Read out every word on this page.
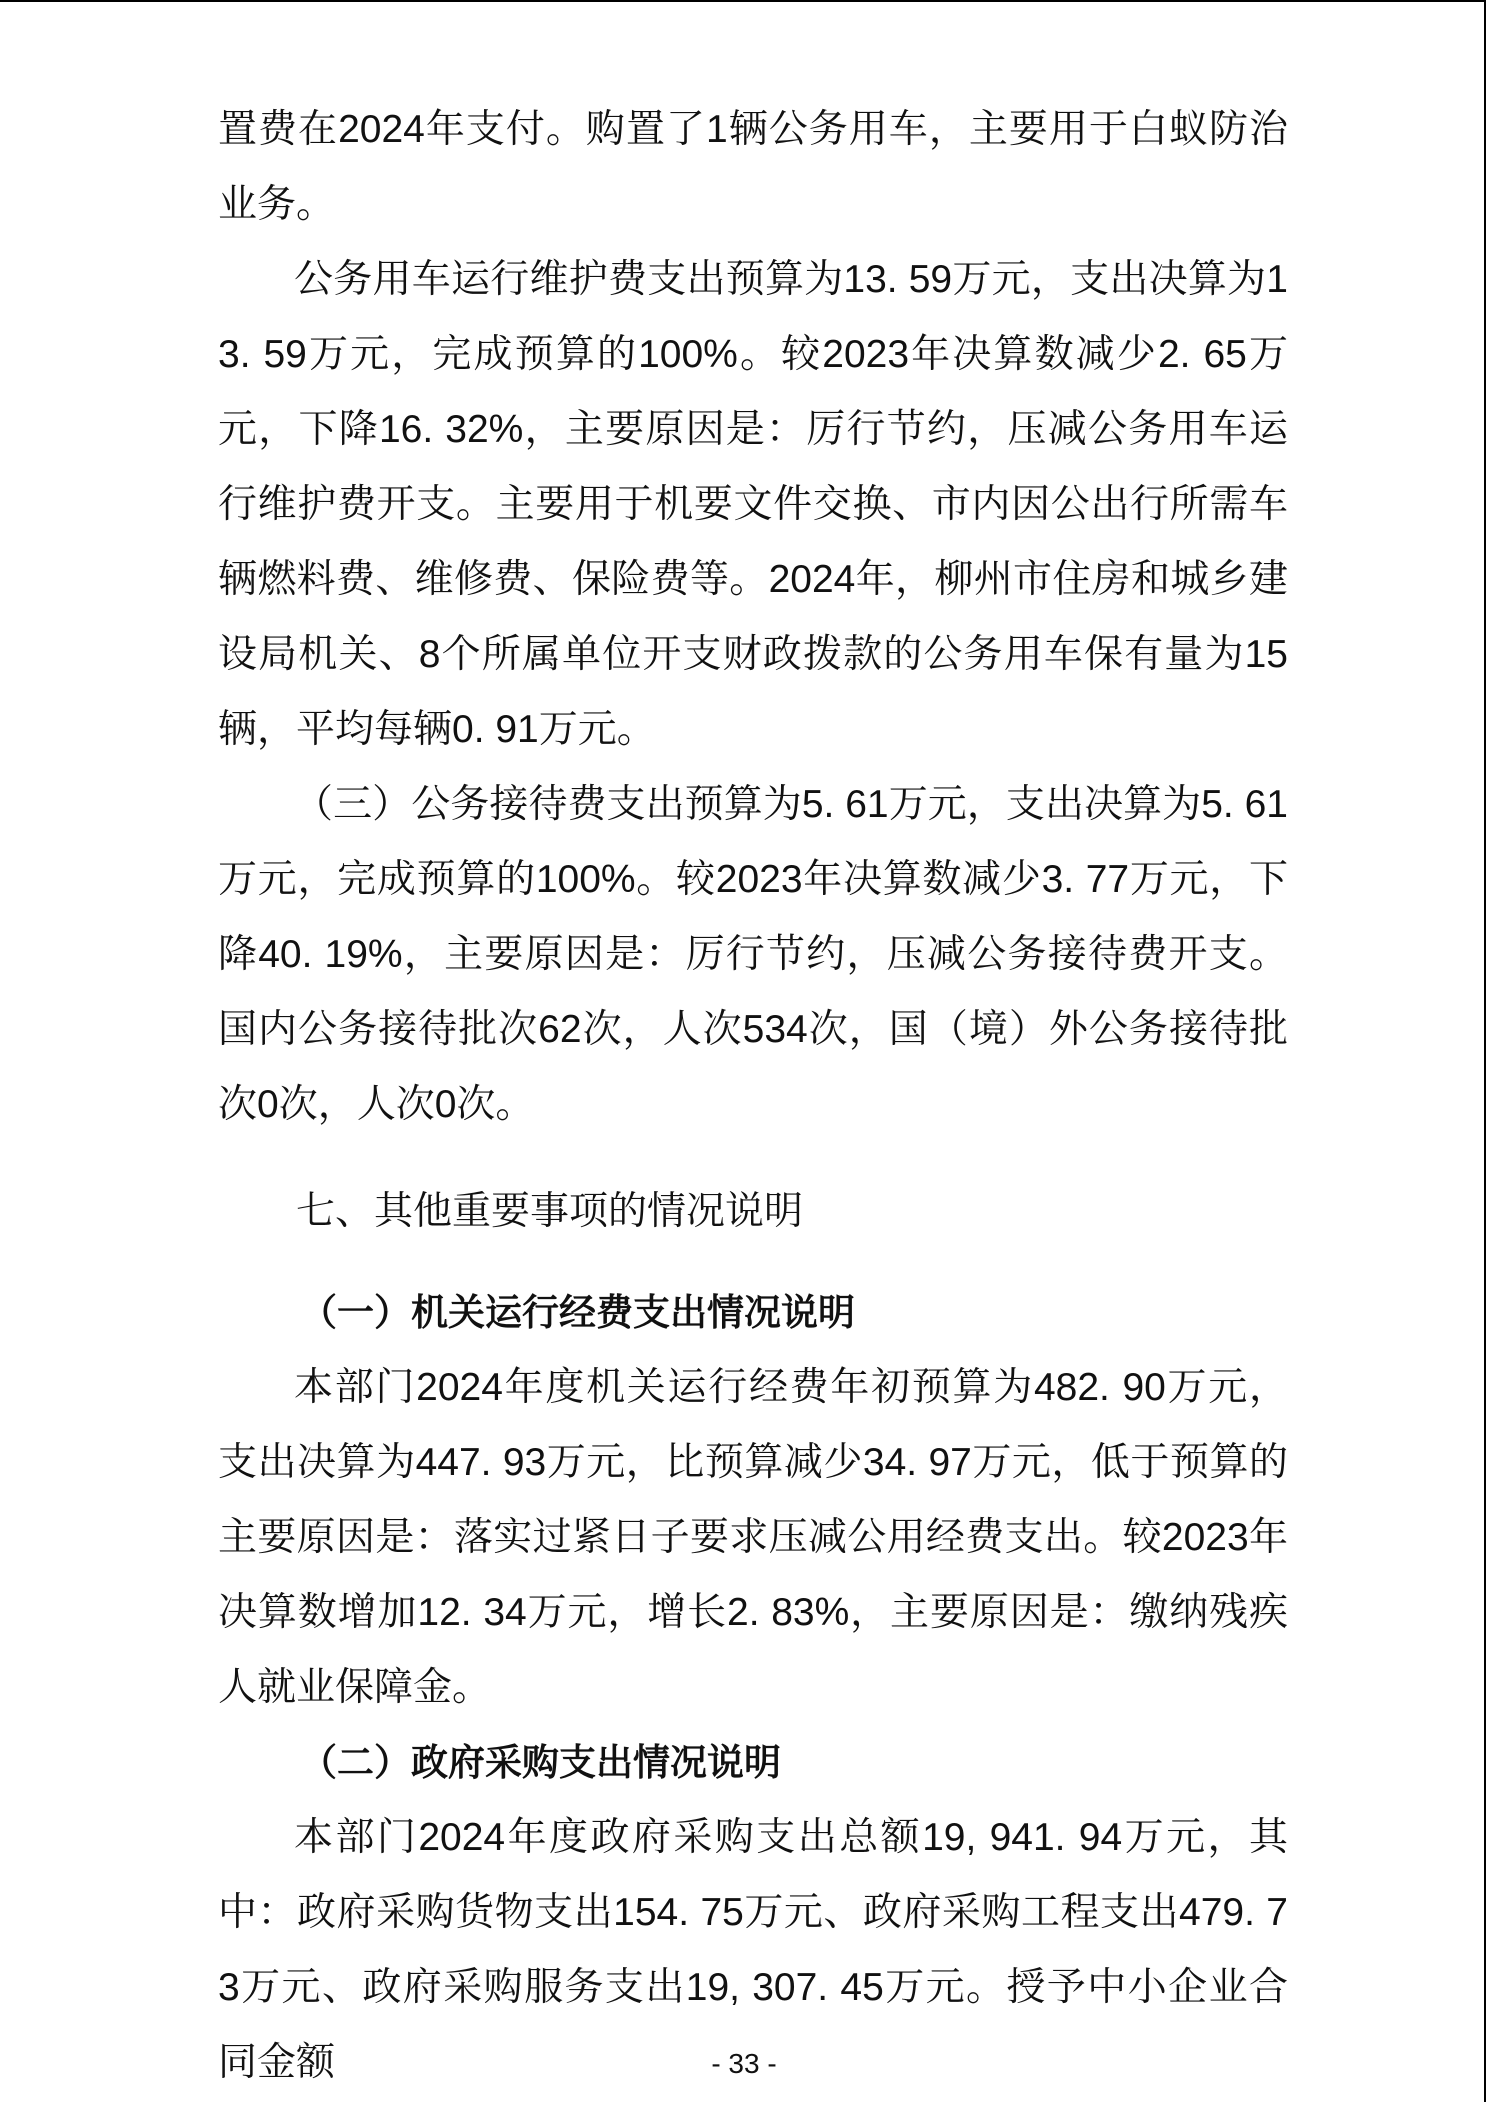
置费在2024年支付。购置了1辆公务用车，主要用于白蚁防治业务。

公务用车运行维护费支出预算为13. 59万元，支出决算为13. 59万元，完成预算的100%。较2023年决算数减少2. 65万元，下降16. 32%，主要原因是：厉行节约，压减公务用车运行维护费开支。主要用于机要文件交换、市内因公出行所需车辆燃料费、维修费、保险费等。2024年，柳州市住房和城乡建设局机关、8个所属单位开支财政拨款的公务用车保有量为15辆，平均每辆0. 91万元。

（三）公务接待费支出预算为5. 61万元，支出决算为5. 61万元，完成预算的100%。较2023年决算数减少3. 77万元，下降40. 19%，主要原因是：厉行节约，压减公务接待费开支。国内公务接待批次62次，人次534次，国（境）外公务接待批次0次，人次0次。

七、其他重要事项的情况说明
（一）机关运行经费支出情况说明

本部门2024年度机关运行经费年初预算为482. 90万元，支出决算为447. 93万元，比预算减少34. 97万元，低于预算的主要原因是：落实过紧日子要求压减公用经费支出。较2023年决算数增加12. 34万元，增长2. 83%，主要原因是：缴纳残疾人就业保障金。

（二）政府采购支出情况说明

本部门2024年度政府采购支出总额19, 941. 94万元，其中：政府采购货物支出154. 75万元、政府采购工程支出479. 73万元、政府采购服务支出19, 307. 45万元。授予中小企业合同金额	- 33 -
